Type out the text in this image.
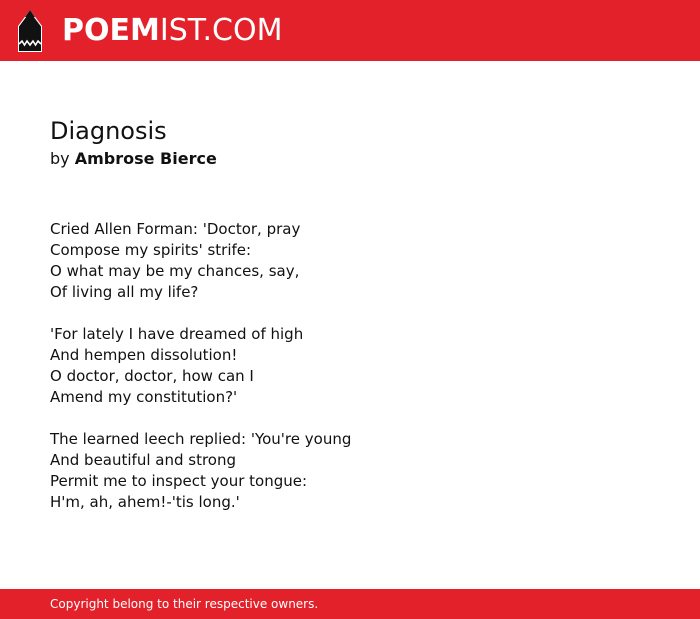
POEMIST.COM
Diagnosis
by Ambrose Bierce
Cried Allen Forman: 'Doctor, pray
Compose my spirits' strife:
O what may be my chances, say,
Of living all my life?
'For lately I have dreamed of high
And hempen dissolution!
O doctor, doctor, how can I
Amend my constitution?'
The learned leech replied: 'You're young
And beautiful and strong
Permit me to inspect your tongue:
H'm, ah, ahem!-'tis long.'
Copyright belong to their respective owners.
